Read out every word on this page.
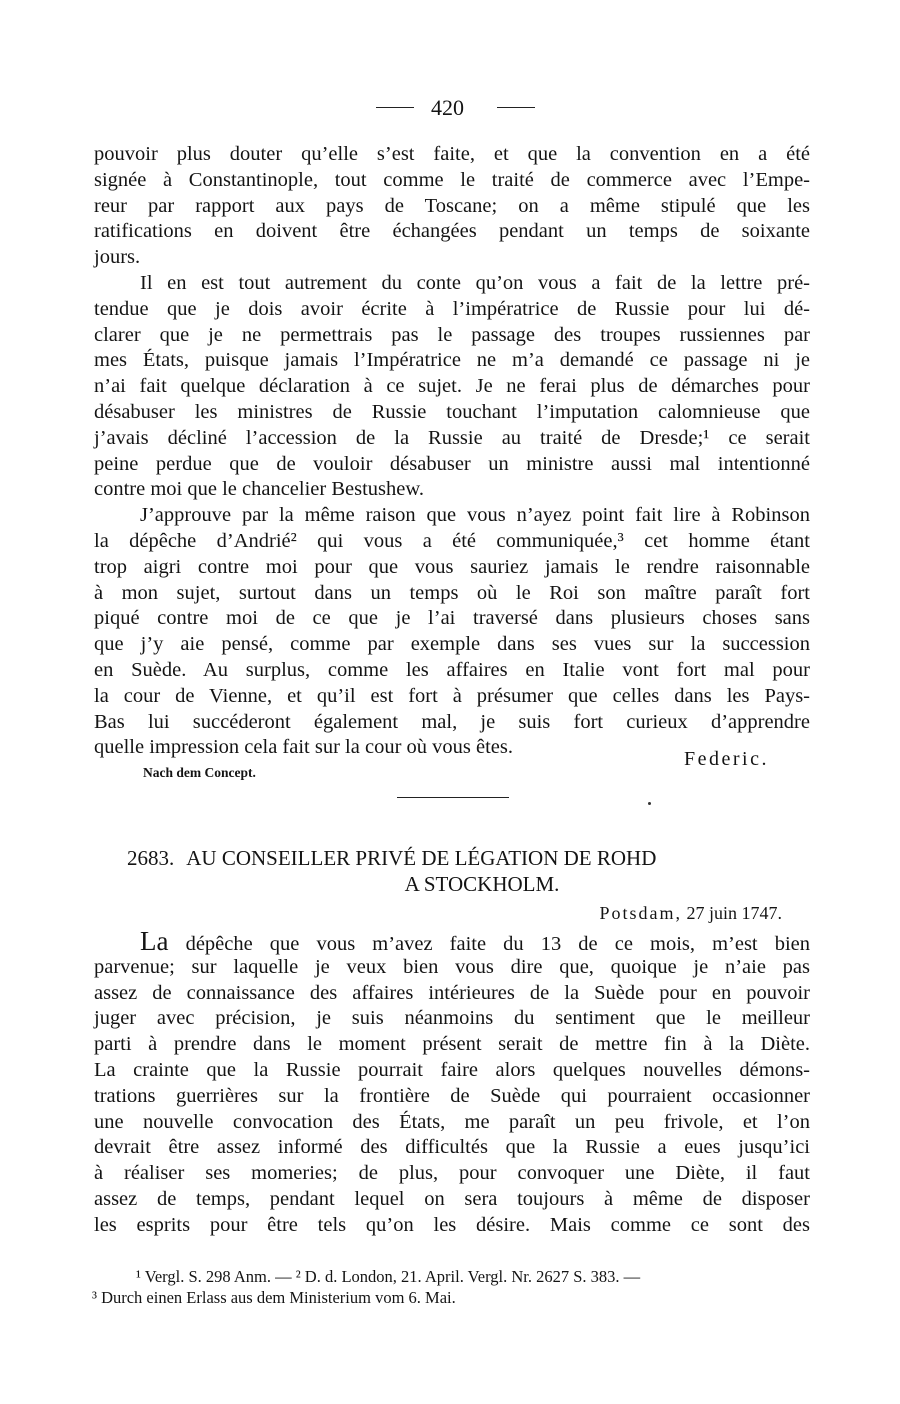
420
pouvoir plus douter qu’elle s’est faite, et que la convention en a été
signée à Constantinople, tout comme le traité de commerce avec l’Empe-
reur par rapport aux pays de Toscane; on a même stipulé que les
ratifications en doivent être échangées pendant un temps de soixante
jours.
Il en est tout autrement du conte qu’on vous a fait de la lettre pré-
tendue que je dois avoir écrite à l’impératrice de Russie pour lui dé-
clarer que je ne permettrais pas le passage des troupes russiennes par
mes États, puisque jamais l’Impératrice ne m’a demandé ce passage ni je
n’ai fait quelque déclaration à ce sujet. Je ne ferai plus de démarches pour
désabuser les ministres de Russie touchant l’imputation calomnieuse que
j’avais décliné l’accession de la Russie au traité de Dresde;¹ ce serait
peine perdue que de vouloir désabuser un ministre aussi mal intentionné
contre moi que le chancelier Bestushew.
J’approuve par la même raison que vous n’ayez point fait lire à Robinson
la dépêche d’Andrié² qui vous a été communiquée,³ cet homme étant
trop aigri contre moi pour que vous sauriez jamais le rendre raisonnable
à mon sujet, surtout dans un temps où le Roi son maître paraît fort
piqué contre moi de ce que je l’ai traversé dans plusieurs choses sans
que j’y aie pensé, comme par exemple dans ses vues sur la succession
en Suède. Au surplus, comme les affaires en Italie vont fort mal pour
la cour de Vienne, et qu’il est fort à présumer que celles dans les Pays-
Bas lui succéderont également mal, je suis fort curieux d’apprendre
quelle impression cela fait sur la cour où vous êtes.
Federic.
Nach dem Concept.
2683. AU CONSEILLER PRIVÉ DE LÉGATION DE ROHD
A STOCKHOLM.
Potsdam, 27 juin 1747.
La dépêche que vous m’avez faite du 13 de ce mois, m’est bien
parvenue; sur laquelle je veux bien vous dire que, quoique je n’aie pas
assez de connaissance des affaires intérieures de la Suède pour en pouvoir
juger avec précision, je suis néanmoins du sentiment que le meilleur
parti à prendre dans le moment présent serait de mettre fin à la Diète.
La crainte que la Russie pourrait faire alors quelques nouvelles démons-
trations guerrières sur la frontière de Suède qui pourraient occasionner
une nouvelle convocation des États, me paraît un peu frivole, et l’on
devrait être assez informé des difficultés que la Russie a eues jusqu’ici
à réaliser ses momeries; de plus, pour convoquer une Diète, il faut
assez de temps, pendant lequel on sera toujours à même de disposer
les esprits pour être tels qu’on les désire. Mais comme ce sont des
¹ Vergl. S. 298 Anm. — ² D. d. London, 21. April. Vergl. Nr. 2627 S. 383. —
³ Durch einen Erlass aus dem Ministerium vom 6. Mai.
